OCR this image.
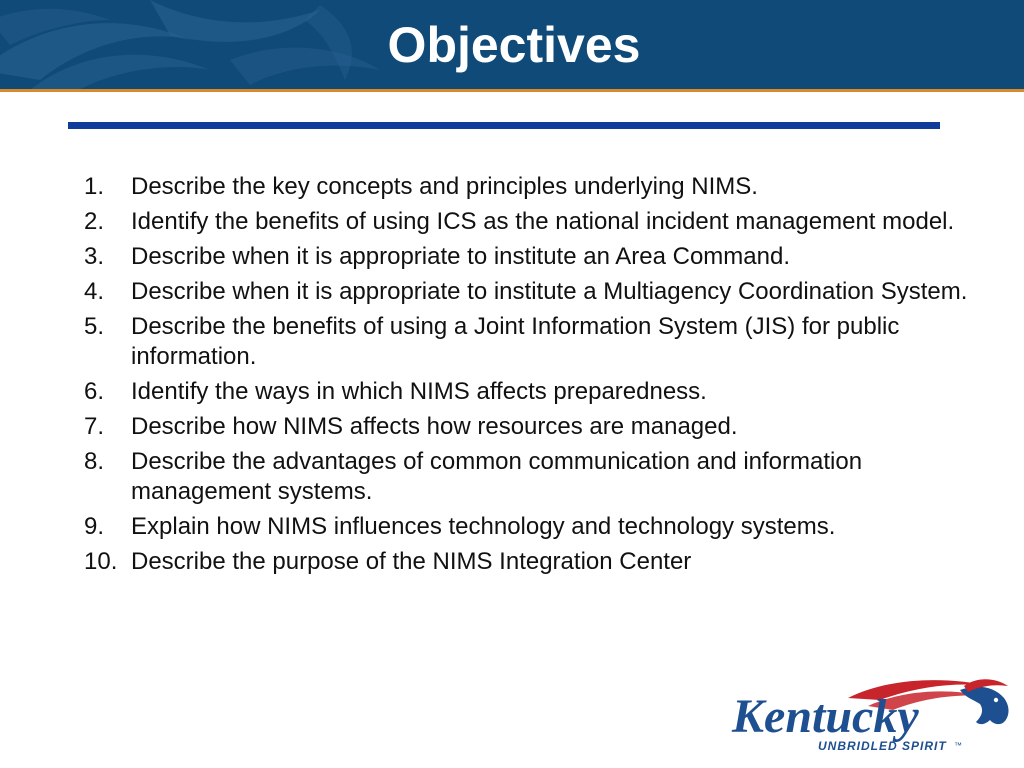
Objectives
1.	Describe the key concepts and principles underlying NIMS.
2.	Identify the benefits of using ICS as the national incident management model.
3.	Describe when it is appropriate to institute an Area Command.
4.	Describe when it is appropriate to institute a Multiagency Coordination System.
5.	Describe the benefits of using a Joint Information System (JIS) for public information.
6.	Identify the ways in which NIMS affects preparedness.
7.	Describe how NIMS affects how resources are managed.
8.	Describe the advantages of common communication and information management systems.
9.	Explain how NIMS influences technology and technology systems.
10. Describe the purpose of the NIMS Integration Center
Kentucky
UNBRIDLED SPIRIT ™
